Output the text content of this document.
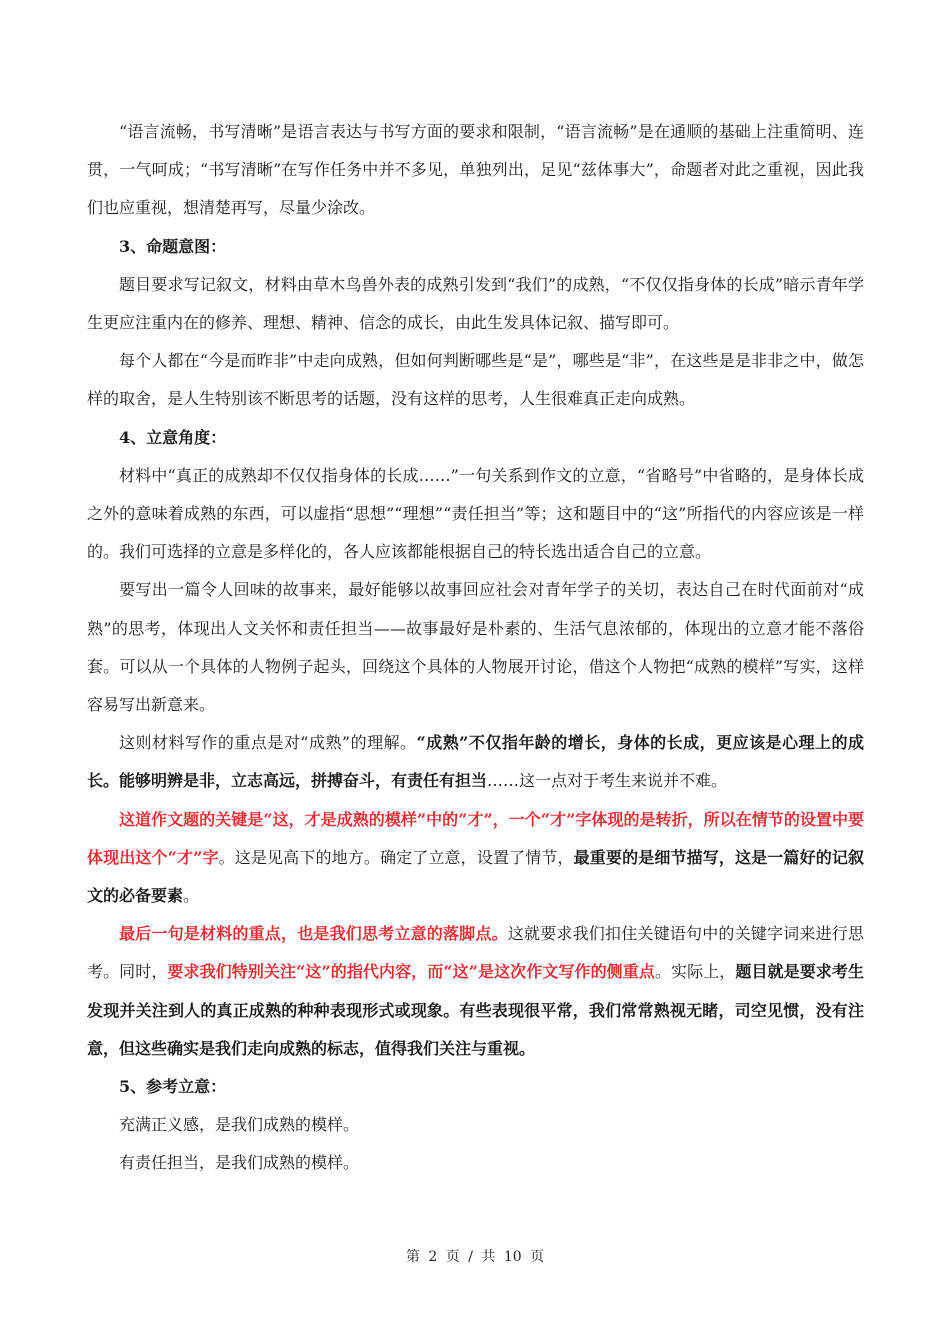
“语言流畅，书写清晰”是语言表达与书写方面的要求和限制，“语言流畅”是在通顺的基础上注重简明、连贯，一气呵成；“书写清晰”在写作任务中并不多见，单独列出，足见“兹体事大”，命题者对此之重视，因此我们也应重视，想清楚再写，尽量少涂改。

3、命题意图：

题目要求写记叙文，材料由草木鸟兽外表的成熟引发到“我们”的成熟，“不仅仅指身体的长成”暗示青年学生更应注重内在的修养、理想、精神、信念的成长，由此生发具体记叙、描写即可。

每个人都在“今是而昨非”中走向成熟，但如何判断哪些是“是”，哪些是“非”，在这些是是非非之中，做怎样的取舍，是人生特别该不断思考的话题，没有这样的思考，人生很难真正走向成熟。

4、立意角度：

材料中“真正的成熟却不仅仅指身体的长成……”一句关系到作文的立意，“省略号”中省略的，是身体长成之外的意味着成熟的东西，可以虚指“思想”“理想”“责任担当”等；这和题目中的“这”所指代的内容应该是一样的。我们可选择的立意是多样化的，各人应该都能根据自己的特长选出适合自己的立意。

要写出一篇令人回味的故事来，最好能够以故事回应社会对青年学子的关切，表达自己在时代面前对“成熟”的思考，体现出人文关怀和责任担当——故事最好是朴素的、生活气息浓郁的，体现出的立意才能不落俗套。可以从一个具体的人物例子起头，回绕这个具体的人物展开讨论，借这个人物把“成熟的模样”写实，这样容易写出新意来。

这则材料写作的重点是对“成熟”的理解。“成熟”不仅指年龄的增长，身体的长成，更应该是心理上的成长。能够明辨是非，立志高远，拼搏奋斗，有责任有担当……这一点对于考生来说并不难。

这道作文题的关键是“这，才是成熟的模样”中的“才”，一个“才”字体现的是转折，所以在情节的设置中要体现出这个“才”字。这是见高下的地方。确定了立意，设置了情节，最重要的是细节描写，这是一篇好的记叙文的必备要素。

最后一句是材料的重点，也是我们思考立意的落脚点。这就要求我们扣住关键语句中的关键字词来进行思考。同时，要求我们特别关注“这”的指代内容，而“这”是这次作文写作的侧重点。实际上，题目就是要求考生发现并关注到人的真正成熟的种种表现形式或现象。有些表现很平常，我们常常熟视无睹，司空见惯，没有注意，但这些确实是我们走向成熟的标志，值得我们关注与重视。

5、参考立意：

充满正义感，是我们成熟的模样。

有责任担当，是我们成熟的模样。

第 2 页 / 共 10 页
